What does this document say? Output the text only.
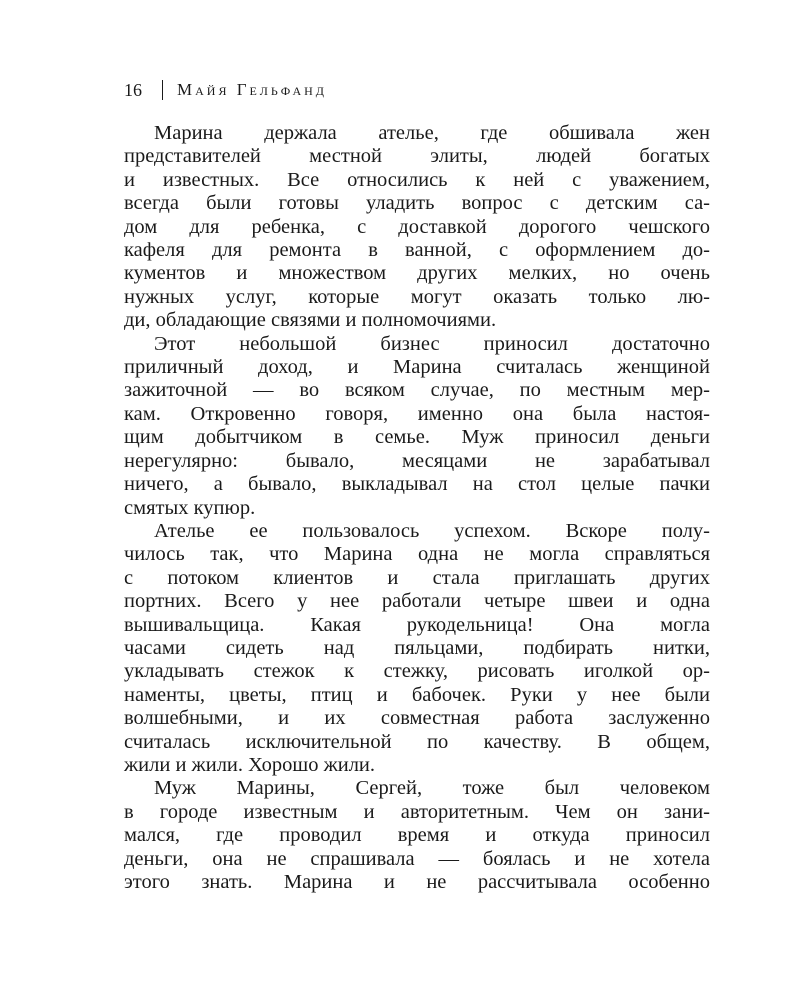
16 Майя Гельфанд
Марина держала ателье, где обшивала жен
представителей местной элиты, людей богатых
и известных. Все относились к ней с уважением,
всегда были готовы уладить вопрос с детским са-
дом для ребенка, с доставкой дорогого чешского
кафеля для ремонта в ванной, с оформлением до-
кументов и множеством других мелких, но очень
нужных услуг, которые могут оказать только лю-
ди, обладающие связями и полномочиями.
Этот небольшой бизнес приносил достаточно
приличный доход, и Марина считалась женщиной
зажиточной — во всяком случае, по местным мер-
кам. Откровенно говоря, именно она была настоя-
щим добытчиком в семье. Муж приносил деньги
нерегулярно: бывало, месяцами не зарабатывал
ничего, а бывало, выкладывал на стол целые пачки
смятых купюр.
Ателье ее пользовалось успехом. Вскоре полу-
чилось так, что Марина одна не могла справляться
с потоком клиентов и стала приглашать других
портних. Всего у нее работали четыре швеи и одна
вышивальщица. Какая рукодельница! Она могла
часами сидеть над пяльцами, подбирать нитки,
укладывать стежок к стежку, рисовать иголкой ор-
наменты, цветы, птиц и бабочек. Руки у нее были
волшебными, и их совместная работа заслуженно
считалась исключительной по качеству. В общем,
жили и жили. Хорошо жили.
Муж Марины, Сергей, тоже был человеком
в городе известным и авторитетным. Чем он зани-
мался, где проводил время и откуда приносил
деньги, она не спрашивала — боялась и не хотела
этого знать. Марина и не рассчитывала особенно
